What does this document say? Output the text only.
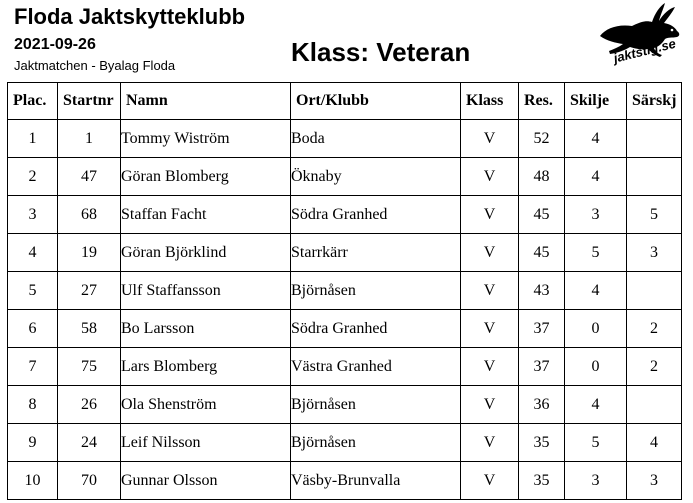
Floda Jaktskytteklubb
2021-09-26
Jaktmatchen - Byalag Floda	Klass: Veteran	jaktstig.se
Plac.	Startnr	Namn	Ort/Klubb	Klass	Res.	Skilje	Särskj
1	1	Tommy Wiström	Boda	V	52	4	
2	47	Göran Blomberg	Öknaby	V	48	4	
3	68	Staffan Facht	Södra Granhed	V	45	3	5
4	19	Göran Björklind	Starrkärr	V	45	5	3
5	27	Ulf Staffansson	Björnåsen	V	43	4	
6	58	Bo Larsson	Södra Granhed	V	37	0	2
7	75	Lars Blomberg	Västra Granhed	V	37	0	2
8	26	Ola Shenström	Björnåsen	V	36	4	
9	24	Leif Nilsson	Björnåsen	V	35	5	4
10	70	Gunnar Olsson	Väsby-Brunvalla	V	35	3	3
